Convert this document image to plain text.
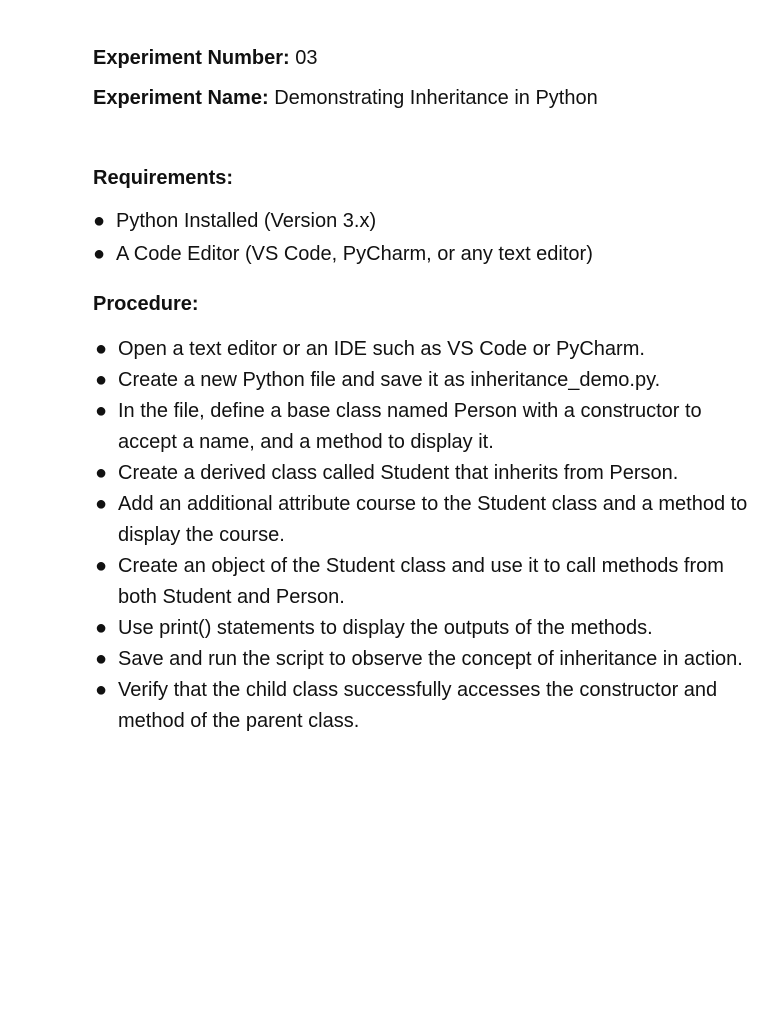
Experiment Number: 03
Experiment Name: Demonstrating Inheritance in Python
Requirements:
● Python Installed (Version 3.x)
● A Code Editor (VS Code, PyCharm, or any text editor)
Procedure:
● Open a text editor or an IDE such as VS Code or PyCharm.
● Create a new Python file and save it as inheritance_demo.py.
● In the file, define a base class named Person with a constructor to accept a name, and a method to display it.
● Create a derived class called Student that inherits from Person.
● Add an additional attribute course to the Student class and a method to display the course.
● Create an object of the Student class and use it to call methods from both Student and Person.
● Use print() statements to display the outputs of the methods.
● Save and run the script to observe the concept of inheritance in action.
● Verify that the child class successfully accesses the constructor and method of the parent class.
